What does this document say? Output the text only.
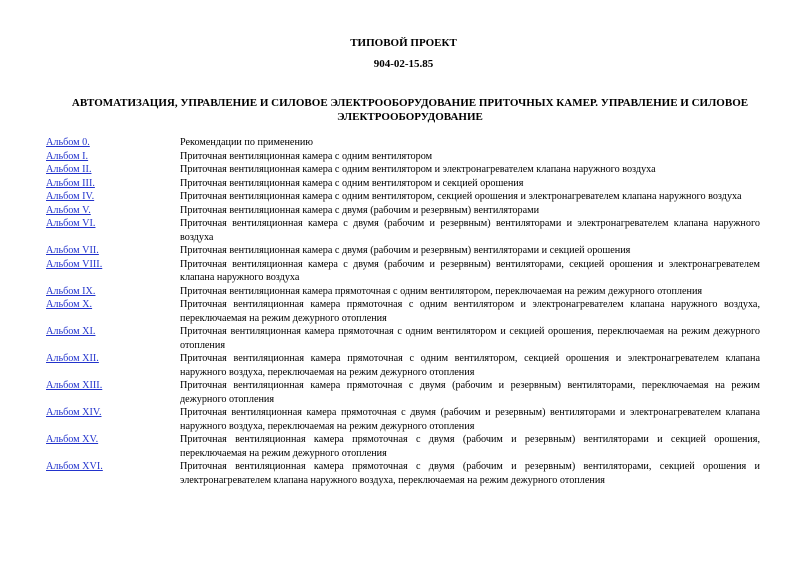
ТИПОВОЙ ПРОЕКТ
904-02-15.85
АВТОМАТИЗАЦИЯ, УПРАВЛЕНИЕ И СИЛОВОЕ ЭЛЕКТРООБОРУДОВАНИЕ ПРИТОЧНЫХ КАМЕР. УПРАВЛЕНИЕ И СИЛОВОЕ ЭЛЕКТРООБОРУДОВАНИЕ
Альбом 0.	Рекомендации по применению
Альбом I.	Приточная вентиляционная камера с одним вентилятором
Альбом II.	Приточная вентиляционная камера с одним вентилятором и электронагревателем клапана наружного воздуха
Альбом III.	Приточная вентиляционная камера с одним вентилятором и секцией орошения
Альбом IV.	Приточная вентиляционная камера с одним вентилятором, секцией орошения и электронагревателем клапана наружного воздуха
Альбом V.	Приточная вентиляционная камера с двумя (рабочим и резервным) вентиляторами
Альбом VI.	Приточная вентиляционная камера с двумя (рабочим и резервным) вентиляторами и электронагревателем клапана наружного воздуха
Альбом VII.	Приточная вентиляционная камера с двумя (рабочим и резервным) вентиляторами и секцией орошения
Альбом VIII.	Приточная вентиляционная камера с двумя (рабочим и резервным) вентиляторами, секцией орошения и электронагревателем клапана наружного воздуха
Альбом IX.	Приточная вентиляционная камера прямоточная с одним вентилятором, переключаемая на режим дежурного отопления
Альбом X.	Приточная вентиляционная камера прямоточная с одним вентилятором и электронагревателем клапана наружного воздуха, переключаемая на режим дежурного отопления
Альбом XI.	Приточная вентиляционная камера прямоточная с одним вентилятором и секцией орошения, переключаемая на режим дежурного отопления
Альбом XII.	Приточная вентиляционная камера прямоточная с одним вентилятором, секцией орошения и электронагревателем клапана наружного воздуха, переключаемая на режим дежурного отопления
Альбом XIII.	Приточная вентиляционная камера прямоточная с двумя (рабочим и резервным) вентиляторами, переключаемая на режим дежурного отопления
Альбом XIV.	Приточная вентиляционная камера прямоточная с двумя (рабочим и резервным) вентиляторами и электронагревателем клапана наружного воздуха, переключаемая на режим дежурного отопления
Альбом XV.	Приточная вентиляционная камера прямоточная с двумя (рабочим и резервным) вентиляторами и секцией орошения, переключаемая на режим дежурного отопления
Альбом XVI.	Приточная вентиляционная камера прямоточная с двумя (рабочим и резервным) вентиляторами, секцией орошения и электронагревателем клапана наружного воздуха, переключаемая на режим дежурного отопления
